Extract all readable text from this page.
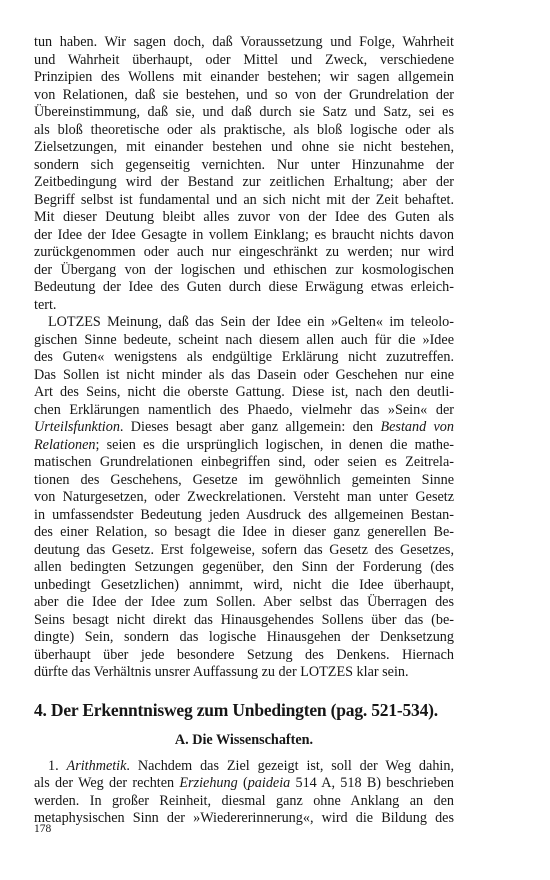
tun haben. Wir sagen doch, daß Voraussetzung und Folge, Wahrheit
und Wahrheit überhaupt, oder Mittel und Zweck, verschiedene
Prinzipien des Wollens mit einander bestehen; wir sagen allgemein
von Relationen, daß sie bestehen, und so von der Grundrelation der
Übereinstimmung, daß sie, und daß durch sie Satz und Satz, sei es
als bloß theoretische oder als praktische, als bloß logische oder als
Zielsetzungen, mit einander bestehen und ohne sie nicht bestehen,
sondern sich gegenseitig vernichten. Nur unter Hinzunahme der
Zeitbedingung wird der Bestand zur zeitlichen Erhaltung; aber der
Begriff selbst ist fundamental und an sich nicht mit der Zeit behaftet.
Mit dieser Deutung bleibt alles zuvor von der Idee des Guten als
der Idee der Idee Gesagte in vollem Einklang; es braucht nichts davon
zurückgenommen oder auch nur eingeschränkt zu werden; nur wird
der Übergang von der logischen und ethischen zur kosmologischen
Bedeutung der Idee des Guten durch diese Erwägung etwas erleich-
tert.
LOTZES Meinung, daß das Sein der Idee ein »Gelten« im teleolo-
gischen Sinne bedeute, scheint nach diesem allen auch für die »Idee
des Guten« wenigstens als endgültige Erklärung nicht zuzutreffen.
Das Sollen ist nicht minder als das Dasein oder Geschehen nur eine
Art des Seins, nicht die oberste Gattung. Diese ist, nach den deutli-
chen Erklärungen namentlich des Phaedo, vielmehr das »Sein« der
Urteilsfunktion. Dieses besagt aber ganz allgemein: den Bestand von
Relationen; seien es die ursprünglich logischen, in denen die mathe-
matischen Grundrelationen einbegriffen sind, oder seien es Zeitrela-
tionen des Geschehens, Gesetze im gewöhnlich gemeinten Sinne
von Naturgesetzen, oder Zweckrelationen. Versteht man unter Gesetz
in umfassendster Bedeutung jeden Ausdruck des allgemeinen Bestan-
des einer Relation, so besagt die Idee in dieser ganz generellen Be-
deutung das Gesetz. Erst folgeweise, sofern das Gesetz des Gesetzes,
allen bedingten Setzungen gegenüber, den Sinn der Forderung (des
unbedingt Gesetzlichen) annimmt, wird, nicht die Idee überhaupt,
aber die Idee der Idee zum Sollen. Aber selbst das Überragen des
Seins besagt nicht direkt das Hinausgehendes Sollens über das (be-
dingte) Sein, sondern das logische Hinausgehen der Denksetzung
überhaupt über jede besondere Setzung des Denkens. Hiernach
dürfte das Verhältnis unsrer Auffassung zu der LOTZES klar sein.
4. Der Erkenntnisweg zum Unbedingten (pag. 521-534).
A. Die Wissenschaften.
1. Arithmetik. Nachdem das Ziel gezeigt ist, soll der Weg dahin,
als der Weg der rechten Erziehung (paideia 514 A, 518 B) beschrieben
werden. In großer Reinheit, diesmal ganz ohne Anklang an den
metaphysischen Sinn der »Wiedererinnerung«, wird die Bildung des
178
